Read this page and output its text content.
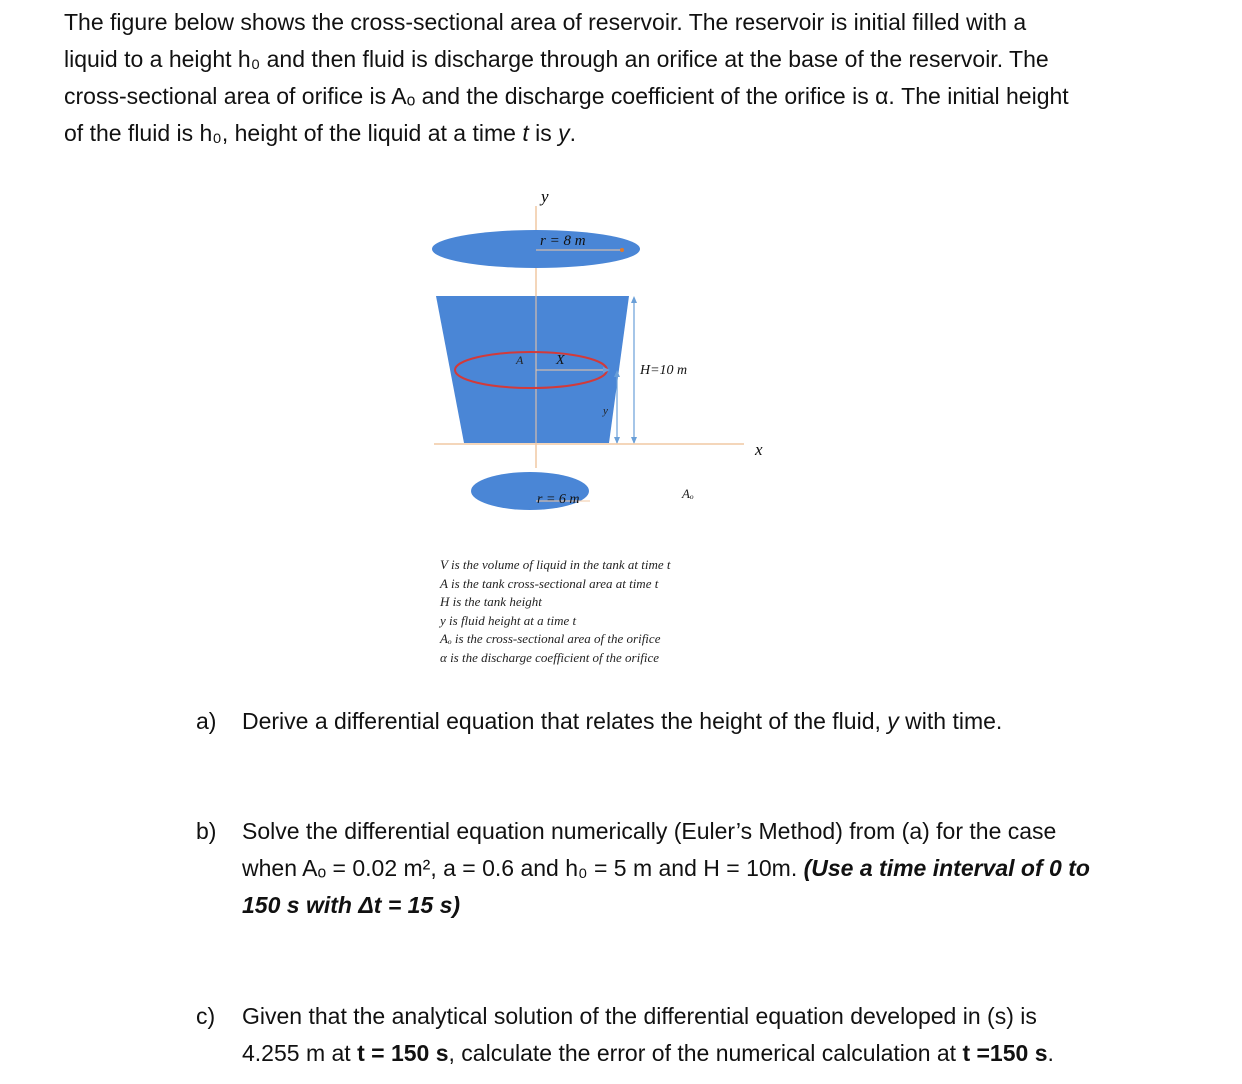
The figure below shows the cross-sectional area of reservoir. The reservoir is initial filled with a
liquid to a height h₀ and then fluid is discharge through an orifice at the base of the reservoir. The
cross-sectional area of orifice is Aₒ and the discharge coefficient of the orifice is α. The initial height
of the fluid is h₀, height of the liquid at a time t is y.
y
r = 8 m
A X
H=10 m
y
x
r = 6 m	Aₒ
V is the volume of liquid in the tank at time t
A is the tank cross-sectional area at time t
H is the tank height
y is fluid height at a time t
Aₒ is the cross-sectional area of the orifice
α is the discharge coefficient of the orifice
a) Derive a differential equation that relates the height of the fluid, y with time.
b) Solve the differential equation numerically (Euler’s Method) from (a) for the case
when Aₒ = 0.02 m², a = 0.6 and h₀ = 5 m and H = 10m. (Use a time interval of 0 to
150 s with Δt = 15 s)
c) Given that the analytical solution of the differential equation developed in (s) is
4.255 m at t = 150 s, calculate the error of the numerical calculation at t =150 s.
